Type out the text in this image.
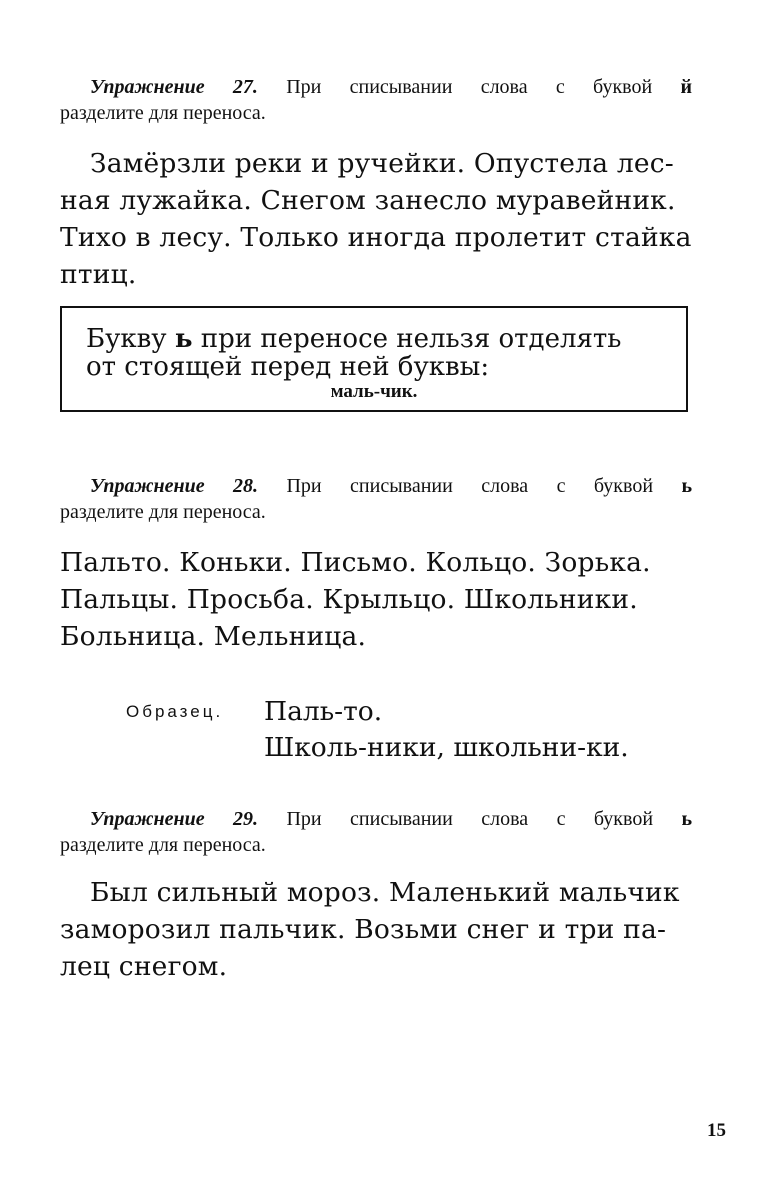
Упражнение 27. При списывании слова с буквой й
разделите для переноса.
Замёрзли реки и ручейки. Опустела лес-
ная лужайка. Снегом занесло муравейник.
Тихо в лесу. Только иногда пролетит стайка
птиц.
Букву ь при переносе нельзя отделять
от стоящей перед ней буквы:
маль-чик.
Упражнение 28. При списывании слова с буквой ь
разделите для переноса.
Пальто. Коньки. Письмо. Кольцо. Зорька.
Пальцы. Просьба. Крыльцо. Школьники.
Больница. Мельница.
Образец. Паль-то.
Школь-ники, школьни-ки.
Упражнение 29. При списывании слова с буквой ь
разделите для переноса.
Был сильный мороз. Маленький мальчик
заморозил пальчик. Возьми снег и три па-
лец снегом.
15
